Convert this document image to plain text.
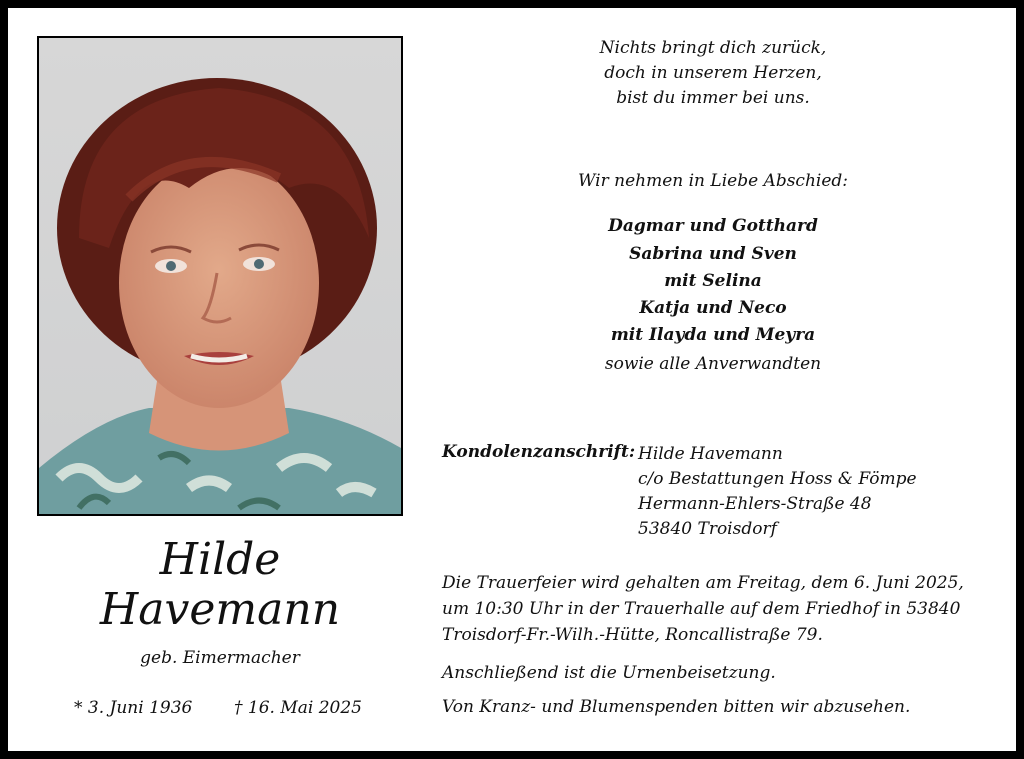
Hilde
Havemann
geb. Eimermacher
* 3. Juni 1936 † 16. Mai 2025
Nichts bringt dich zurück,
doch in unserem Herzen,
bist du immer bei uns.
Wir nehmen in Liebe Abschied:
Dagmar und Gotthard
Sabrina und Sven
mit Selina
Katja und Neco
mit Ilayda und Meyra
sowie alle Anverwandten
Kondolenzanschrift: Hilde Havemann
c/o Bestattungen Hoss & Fömpe
Hermann-Ehlers-Straße 48
53840 Troisdorf
Die Trauerfeier wird gehalten am Freitag, dem 6. Juni 2025,
um 10:30 Uhr in der Trauerhalle auf dem Friedhof in 53840
Troisdorf-Fr.-Wilh.-Hütte, Roncallistraße 79.
Anschließend ist die Urnenbeisetzung.
Von Kranz- und Blumenspenden bitten wir abzusehen.
